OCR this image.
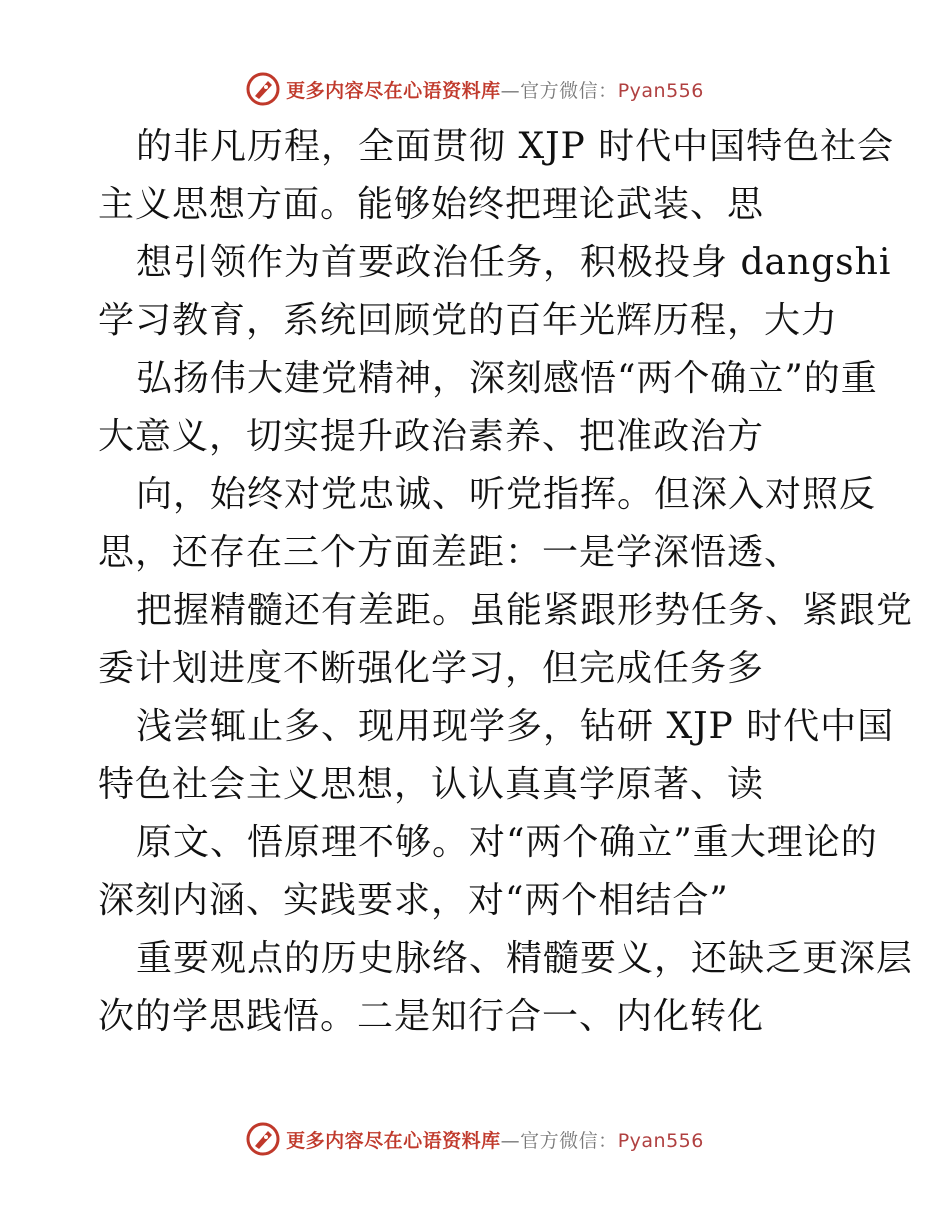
更多内容尽在心语资料库—官方微信：Pyan556
的非凡历程，全面贯彻 XJP 时代中国特色社会
主义思想方面。能够始终把理论武装、思
想引领作为首要政治任务，积极投身 dangshi
学习教育，系统回顾党的百年光辉历程，大力
弘扬伟大建党精神，深刻感悟“两个确立”的重
大意义，切实提升政治素养、把准政治方
向，始终对党忠诚、听党指挥。但深入对照反
思，还存在三个方面差距：一是学深悟透、
把握精髓还有差距。虽能紧跟形势任务、紧跟党
委计划进度不断强化学习，但完成任务多
浅尝辄止多、现用现学多，钻研 XJP 时代中国
特色社会主义思想，认认真真学原著、读
原文、悟原理不够。对“两个确立”重大理论的
深刻内涵、实践要求，对“两个相结合”
重要观点的历史脉络、精髓要义，还缺乏更深层
次的学思践悟。二是知行合一、内化转化
更多内容尽在心语资料库—官方微信：Pyan556
